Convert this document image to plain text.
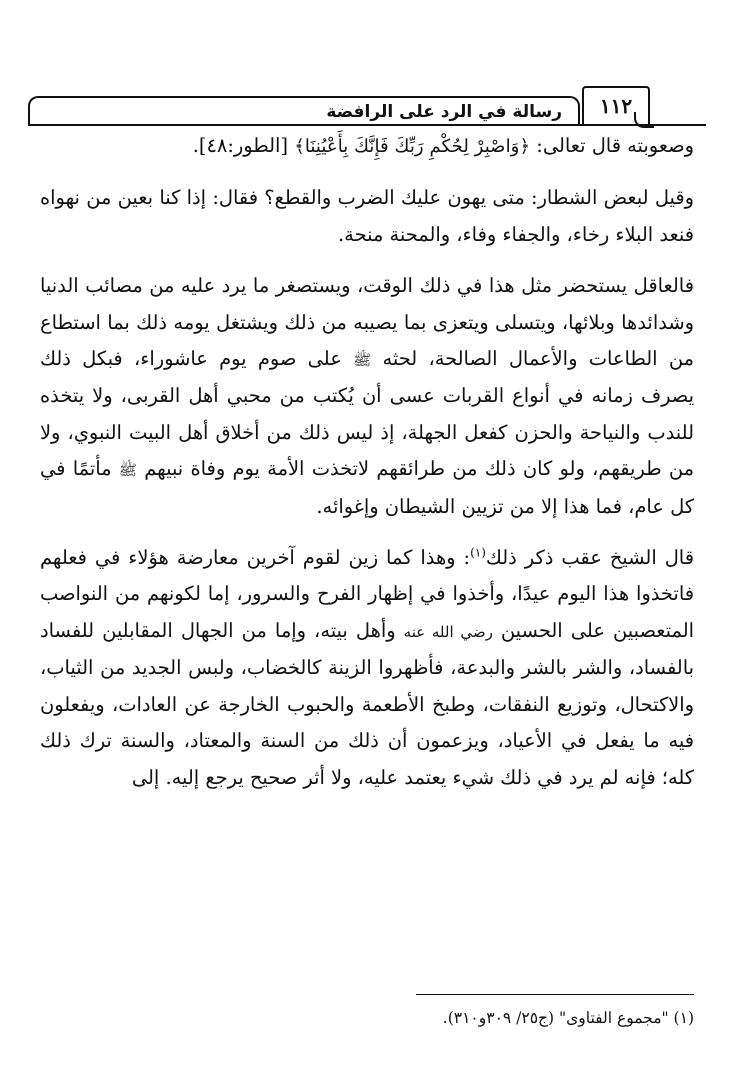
رسالة في الرد على الرافضة	١١٢

وصعوبته قال تعالى: ﴿وَاصْبِرْ لِحُكْمِ رَبِّكَ فَإِنَّكَ بِأَعْيُنِنَا﴾ [الطور:٤٨].

وقيل لبعض الشطار: متى يهون عليك الضرب والقطع؟ فقال: إذا كنا بعين من نهواه فنعد البلاء رخاء، والجفاء وفاء، والمحنة منحة.

فالعاقل يستحضر مثل هذا في ذلك الوقت، ويستصغر ما يرد عليه من مصائب الدنيا وشدائدها وبلائها، ويتسلى ويتعزى بما يصيبه من ذلك ويشتغل يومه ذلك بما استطاع من الطاعات والأعمال الصالحة، لحثه ﷺ على صوم يوم عاشوراء، فبكل ذلك يصرف زمانه في أنواع القربات عسى أن يُكتب من محبي أهل القربى، ولا يتخذه للندب والنياحة والحزن كفعل الجهلة، إذ ليس ذلك من أخلاق أهل البيت النبوي، ولا من طريقهم، ولو كان ذلك من طرائقهم لاتخذت الأمة يوم وفاة نبيهم ﷺ مأتمًا في كل عام، فما هذا إلا من تزيين الشيطان وإغوائه.

قال الشيخ عقب ذكر ذلك$^{(١)}$: وهذا كما زين لقوم آخرين معارضة هؤلاء في فعلهم فاتخذوا هذا اليوم عيدًا، وأخذوا في إظهار الفرح والسرور، إما لكونهم من النواصب المتعصبين على الحسين رضي الله عنه وأهل بيته، وإما من الجهال المقابلين للفساد بالفساد، والشر بالشر والبدعة، فأظهروا الزينة كالخضاب، ولبس الجديد من الثياب، والاكتحال، وتوزيع النفقات، وطبخ الأطعمة والحبوب الخارجة عن العادات، ويفعلون فيه ما يفعل في الأعياد، ويزعمون أن ذلك من السنة والمعتاد، والسنة ترك ذلك كله؛ فإنه لم يرد في ذلك شيء يعتمد عليه، ولا أثر صحيح يرجع إليه. إلى

(١) "مجموع الفتاوى" (ج٢٥/ ٣٠٩و٣١٠).
